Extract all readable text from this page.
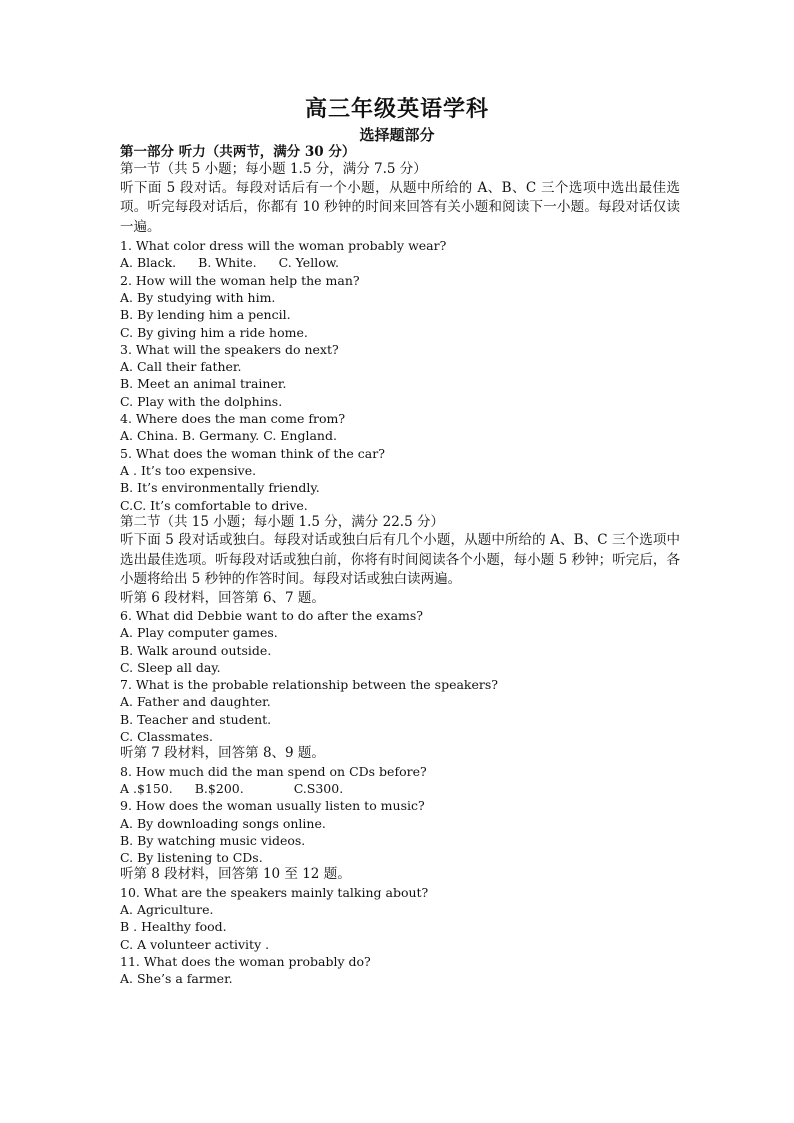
高三年级英语学科
选择题部分
第一部分 听力（共两节，满分 30 分）
第一节（共 5 小题；每小题 1.5 分，满分 7.5 分）
听下面 5 段对话。每段对话后有一个小题，从题中所给的 A、B、C 三个选项中选出最佳选项。听完每段对话后，你都有 10 秒钟的时间来回答有关小题和阅读下一小题。每段对话仅读一遍。
1. What color dress will the woman probably wear?
A. Black. B. White. C. Yellow.
2. How will the woman help the man?
A. By studying with him.
B. By lending him a pencil.
C. By giving him a ride home.
3. What will the speakers do next?
A. Call their father.
B. Meet an animal trainer.
C. Play with the dolphins.
4. Where does the man come from?
A. China. B. Germany. C. England.
5. What does the woman think of the car?
A . It’s too expensive.
B. It’s environmentally friendly.
C.C. It’s comfortable to drive.
第二节（共 15 小题；每小题 1.5 分，满分 22.5 分）
听下面 5 段对话或独白。每段对话或独白后有几个小题，从题中所给的 A、B、C 三个选项中选出最佳选项。听每段对话或独白前，你将有时间阅读各个小题，每小题 5 秒钟；听完后，各小题将给出 5 秒钟的作答时间。每段对话或独白读两遍。
听第 6 段材料，回答第 6、7 题。
6. What did Debbie want to do after the exams?
A. Play computer games.
B. Walk around outside.
C. Sleep all day.
7. What is the probable relationship between the speakers?
A. Father and daughter.
B. Teacher and student.
C. Classmates.
听第 7 段材料，回答第 8、9 题。
8. How much did the man spend on CDs before?
A .$150. B.$200.	C.S300.
9. How does the woman usually listen to music?
A. By downloading songs online.
B. By watching music videos.
C. By listening to CDs.
听第 8 段材料，回答第 10 至 12 题。
10. What are the speakers mainly talking about?
A. Agriculture.
B . Healthy food.
C. A volunteer activity .
11. What does the woman probably do?
A. She’s a farmer.
